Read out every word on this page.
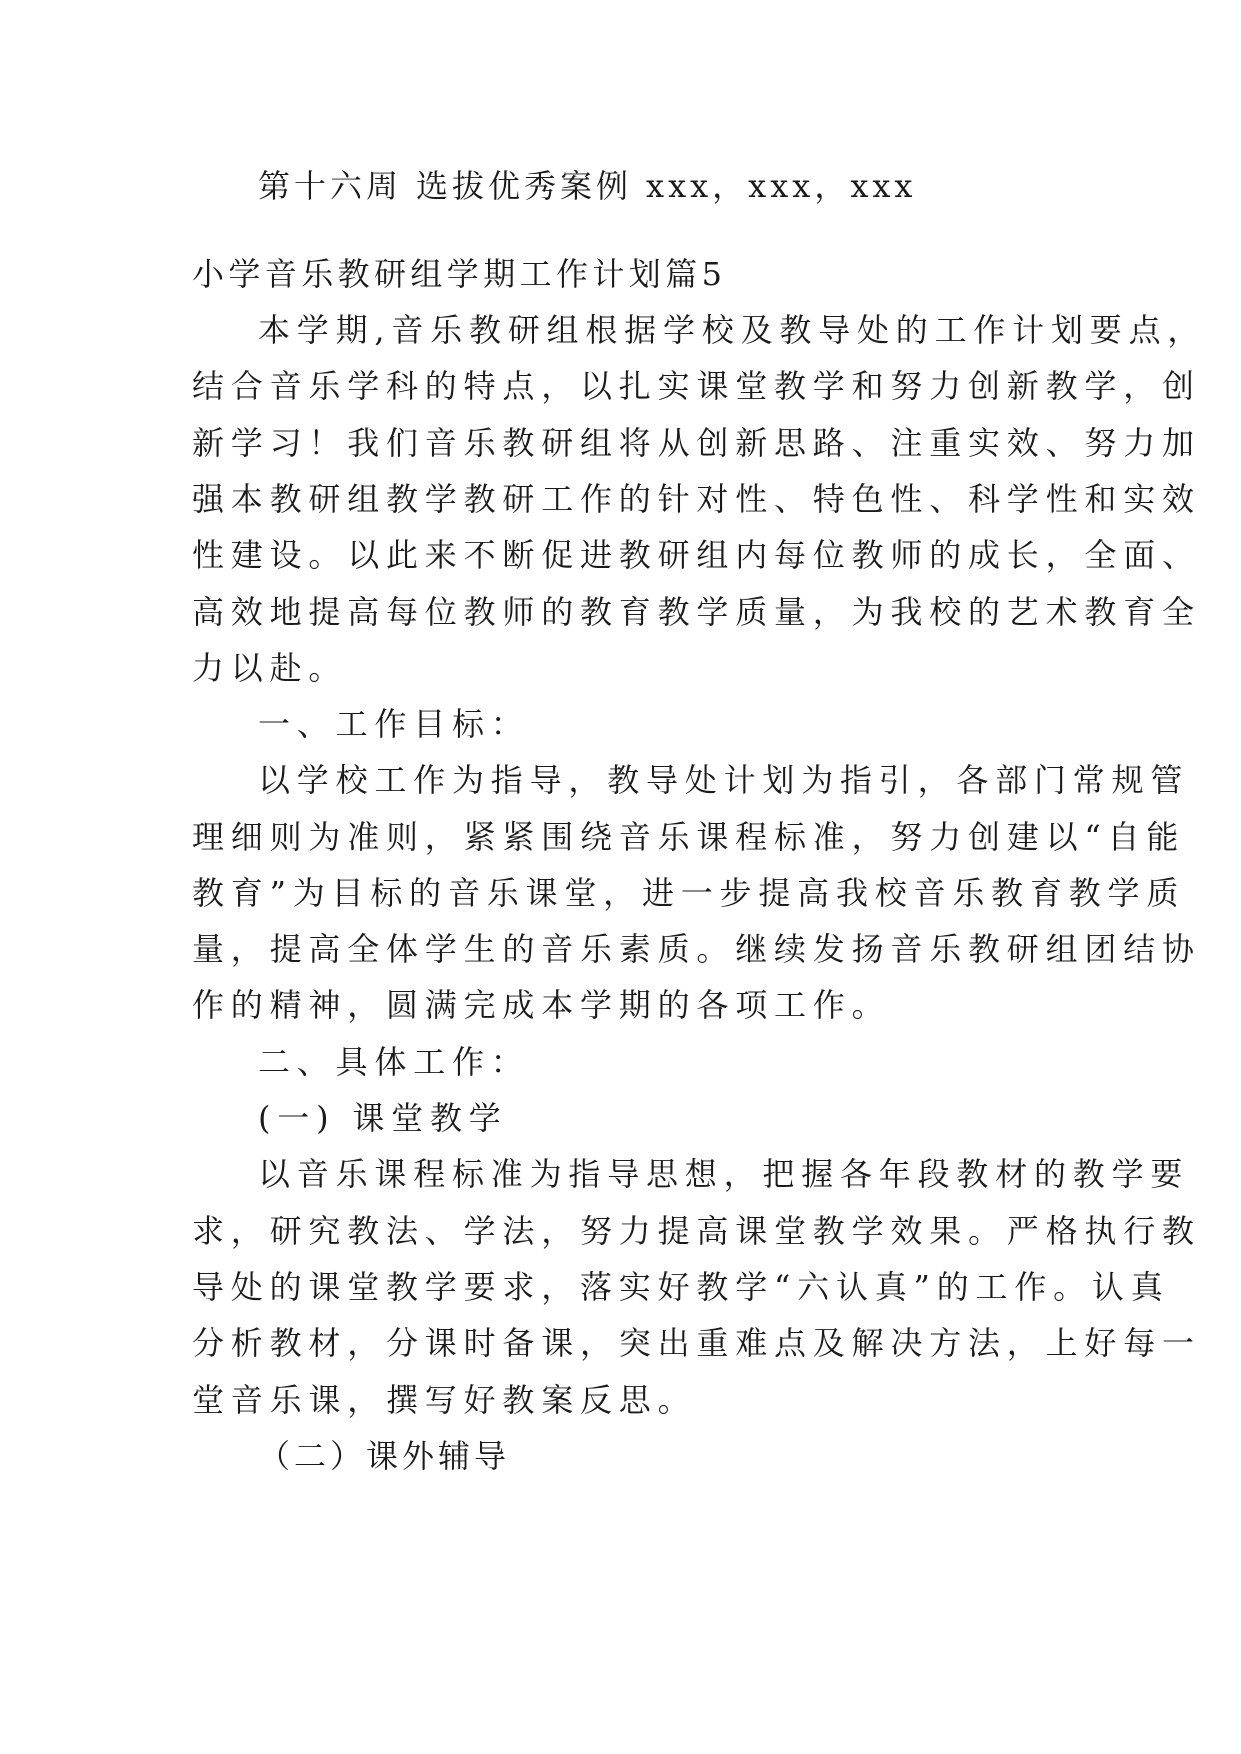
第十六周 选拔优秀案例 xxx，xxx，xxx
小学音乐教研组学期工作计划篇5
本学期,音乐教研组根据学校及教导处的工作计划要点，
结合音乐学科的特点，以扎实课堂教学和努力创新教学，创
新学习！我们音乐教研组将从创新思路、注重实效、努力加
强本教研组教学教研工作的针对性、特色性、科学性和实效
性建设。以此来不断促进教研组内每位教师的成长，全面、
高效地提高每位教师的教育教学质量，为我校的艺术教育全
力以赴。
一、工作目标：
以学校工作为指导，教导处计划为指引，各部门常规管
理细则为准则，紧紧围绕音乐课程标准，努力创建以“自能
教育”为目标的音乐课堂，进一步提高我校音乐教育教学质
量，提高全体学生的音乐素质。继续发扬音乐教研组团结协
作的精神，圆满完成本学期的各项工作。
二、具体工作：
(一) 课堂教学
以音乐课程标准为指导思想，把握各年段教材的教学要
求，研究教法、学法，努力提高课堂教学效果。严格执行教
导处的课堂教学要求，落实好教学“六认真”的工作。认真
分析教材，分课时备课，突出重难点及解决方法，上好每一
堂音乐课，撰写好教案反思。
（二）课外辅导
